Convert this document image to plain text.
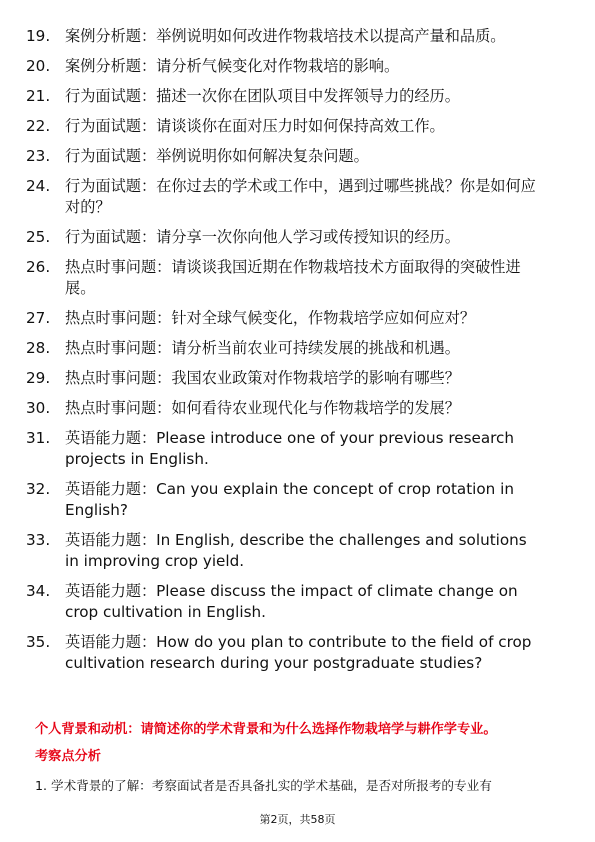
19. 案例分析题：举例说明如何改进作物栽培技术以提高产量和品质。
20. 案例分析题：请分析气候变化对作物栽培的影响。
21. 行为面试题：描述一次你在团队项目中发挥领导力的经历。
22. 行为面试题：请谈谈你在面对压力时如何保持高效工作。
23. 行为面试题：举例说明你如何解决复杂问题。
24. 行为面试题：在你过去的学术或工作中，遇到过哪些挑战？你是如何应对的？
25. 行为面试题：请分享一次你向他人学习或传授知识的经历。
26. 热点时事问题：请谈谈我国近期在作物栽培技术方面取得的突破性进展。
27. 热点时事问题：针对全球气候变化，作物栽培学应如何应对？
28. 热点时事问题：请分析当前农业可持续发展的挑战和机遇。
29. 热点时事问题：我国农业政策对作物栽培学的影响有哪些？
30. 热点时事问题：如何看待农业现代化与作物栽培学的发展？
31. 英语能力题：Please introduce one of your previous research projects in English.
32. 英语能力题：Can you explain the concept of crop rotation in English?
33. 英语能力题：In English, describe the challenges and solutions in improving crop yield.
34. 英语能力题：Please discuss the impact of climate change on crop cultivation in English.
35. 英语能力题：How do you plan to contribute to the field of crop cultivation research during your postgraduate studies?
个人背景和动机：请简述你的学术背景和为什么选择作物栽培学与耕作学专业。
考察点分析
1. 学术背景的了解：考察面试者是否具备扎实的学术基础，是否对所报考的专业有
第2页，共58页
